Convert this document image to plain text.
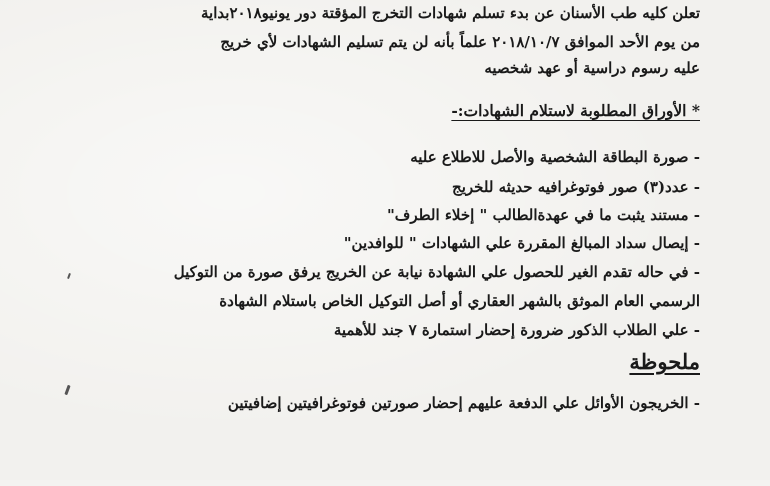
تعلن كليه طب الأسنان عن بدء تسلم شهادات التخرج المؤقتة دور يونيو٢٠١٨بداية
من يوم الأحد الموافق ٢٠١٨/١٠/٧ علماً بأنه لن يتم تسليم الشهادات لأي خريج
عليه رسوم دراسية أو عهد شخصيه
* الأوراق المطلوبة لاستلام الشهادات:-
- صورة البطاقة الشخصية والأصل للاطلاع عليه
- عدد(٣) صور فوتوغرافيه حديثه للخريج
- مستند يثبت ما في عهدةالطالب " إخلاء الطرف"
- إيصال سداد المبالغ المقررة علي الشهادات " للوافدين"
- في حاله تقدم الغير للحصول علي الشهادة نيابة عن الخريج يرفق صورة من التوكيل
الرسمي العام الموثق بالشهر العقاري أو أصل التوكيل الخاص باستلام الشهادة
- علي الطلاب الذكور ضرورة إحضار استمارة ٧ جند للأهمية
ملحوظة
- الخريجون الأوائل علي الدفعة عليهم إحضار صورتين فوتوغرافيتين إضافيتين
